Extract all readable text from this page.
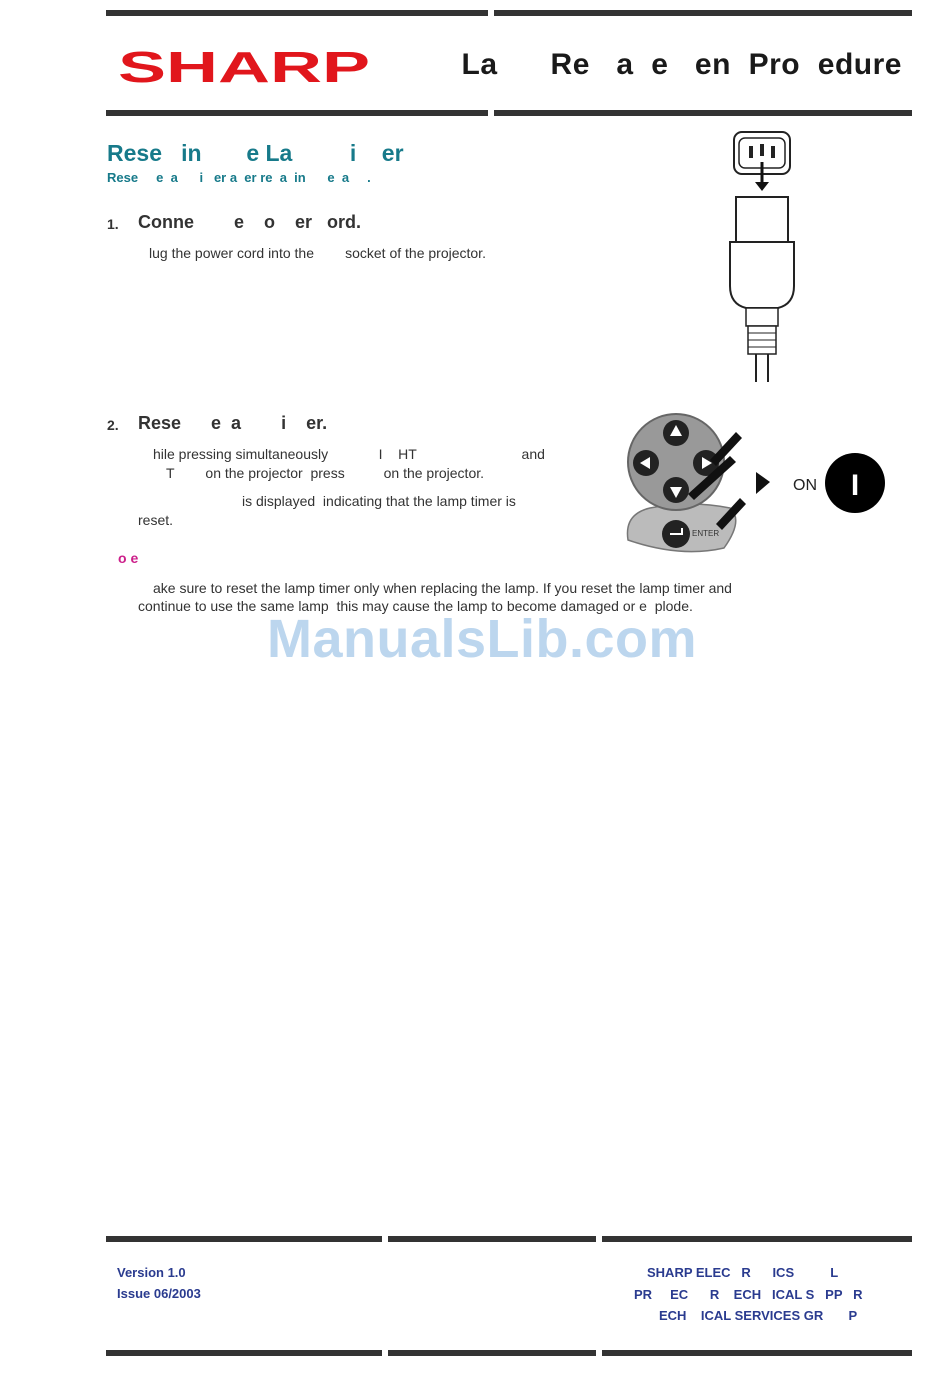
SHARP	La      Re   a  e   en  Pro  edure
Rese   in       e La         i    er
Rese     e  a      i   er a  er re  a  in      e  a     .
1. Conne        e    o    er   ord.
lug the power cord into the        socket of the projector.
2. Rese      e  a        i    er.
hile pressing simultaneously             I    HT                           and
T        on the projector  press          on the projector.
is displayed  indicating that the lamp timer is
reset.
o e
ake sure to reset the lamp timer only when replacing the lamp. If you reset the lamp timer and
continue to use the same lamp  this may cause the lamp to become damaged or e  plode.
ManualsLib.com
ENTER
ON I
Version 1.0
Issue 06/2003
SHARP ELEC   R      ICS          L
PR     EC      R    ECH   ICAL S   PP   R
ECH    ICAL SERVICES GR       P
